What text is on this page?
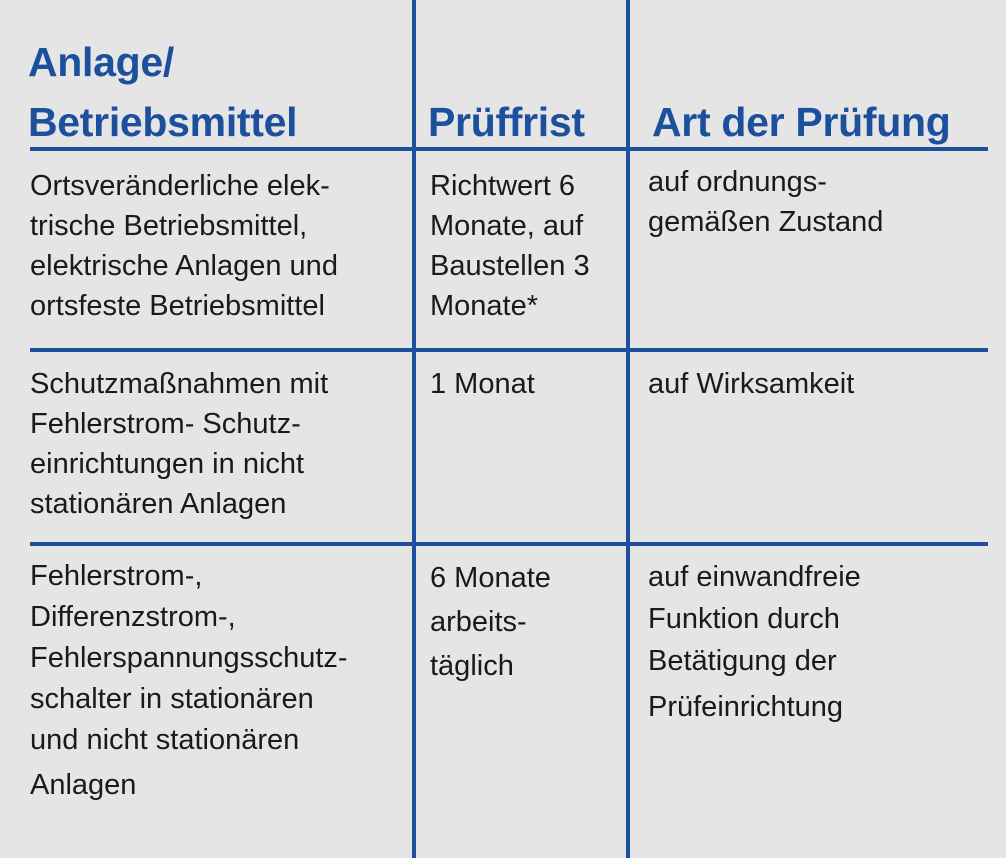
Anlage/
Betriebsmittel	Prüffrist Art der Prüfung
Ortsveränderliche elek-
trische Betriebsmittel,
elektrische Anlagen und
ortsfeste Betriebsmittel
Richtwert 6
Monate, auf
Baustellen 3
Monate*
auf ordnungs-
gemäßen Zustand
Schutzmaßnahmen mit
Fehlerstrom- Schutz-
einrichtungen in nicht
stationären Anlagen
1 Monat	auf Wirksamkeit
Fehlerstrom-,
Differenzstrom-,
Fehlerspannungsschutz-
schalter in stationären
und nicht stationären
Anlagen
6 Monate
arbeits-
täglich
auf einwandfreie
Funktion durch
Betätigung der
Prüfeinrichtung
